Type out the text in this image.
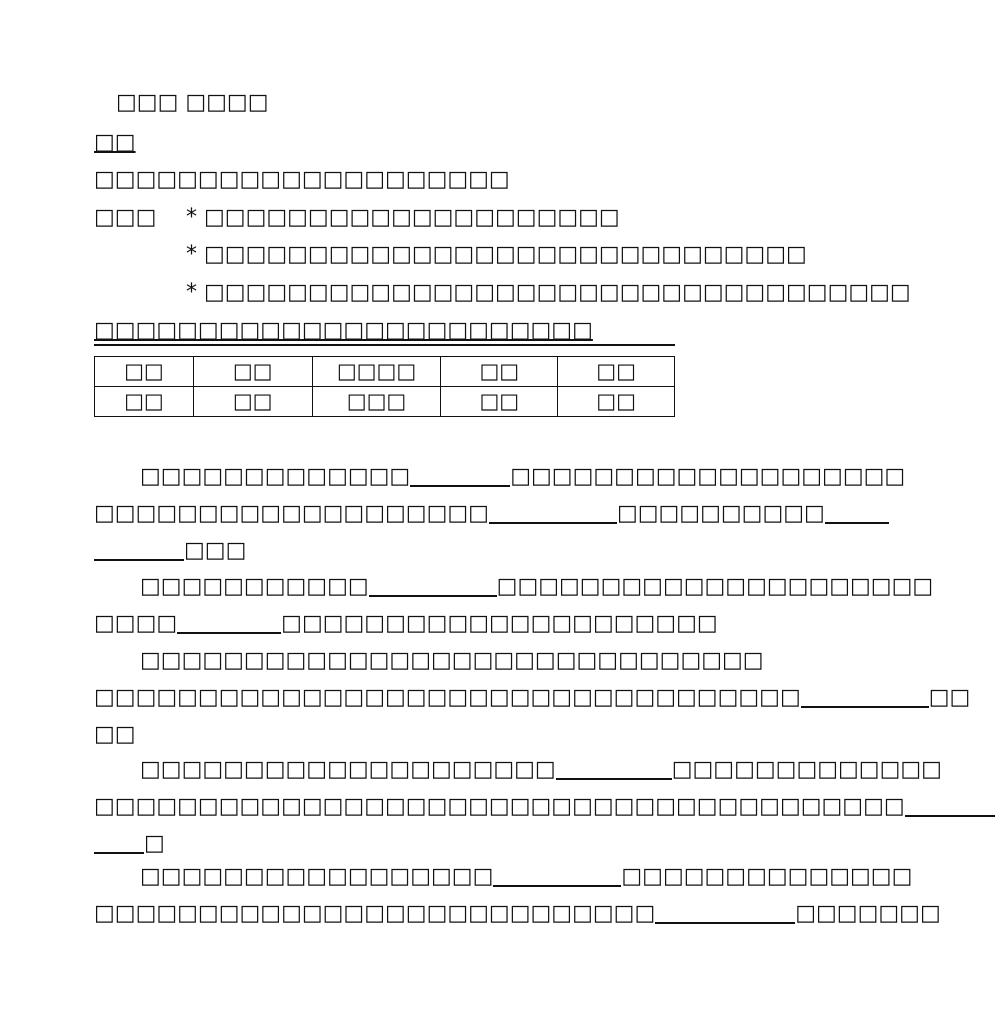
□□□ □□□□
□□
□□□□□□□□□□□□□□□□□□□□
□□□ * □□□□□□□□□□□□□□□□□□□□
* □□□□□□□□□□□□□□□□□□□□□□□□□□□□□
* □□□□□□□□□□□□□□□□□□□□□□□□□□□□□□□□□□
□□□□□□□□□□□□□□□□□□□□□□□□
□□	□□	□□□□	□□	□□
□□	□□	□□□	□□	□□
□□□□□□□□□□□□□	□□□□□□□□□□□□□□□□□□□
□□□□□□□□□□□□□□□□□□□	□□□□□□□□□□
□□□
□□□□□□□□□□□	□□□□□□□□□□□□□□□□□□□□□
□□□□	□□□□□□□□□□□□□□□□□□□□□
□□□□□□□□□□□□□□□□□□□□□□□□□□□□□□
□□□□□□□□□□□□□□□□□□□□□□□□□□□□□□□□□□	□□
□□
□□□□□□□□□□□□□□□□□□□□	□□□□□□□□□□□□□
□□□□□□□□□□□□□□□□□□□□□□□□□□□□□□□□□□□□□□□
□
□□□□□□□□□□□□□□□□□	□□□□□□□□□□□□□□
□□□□□□□□□□□□□□□□□□□□□□□□□□□	□□□□□□□
